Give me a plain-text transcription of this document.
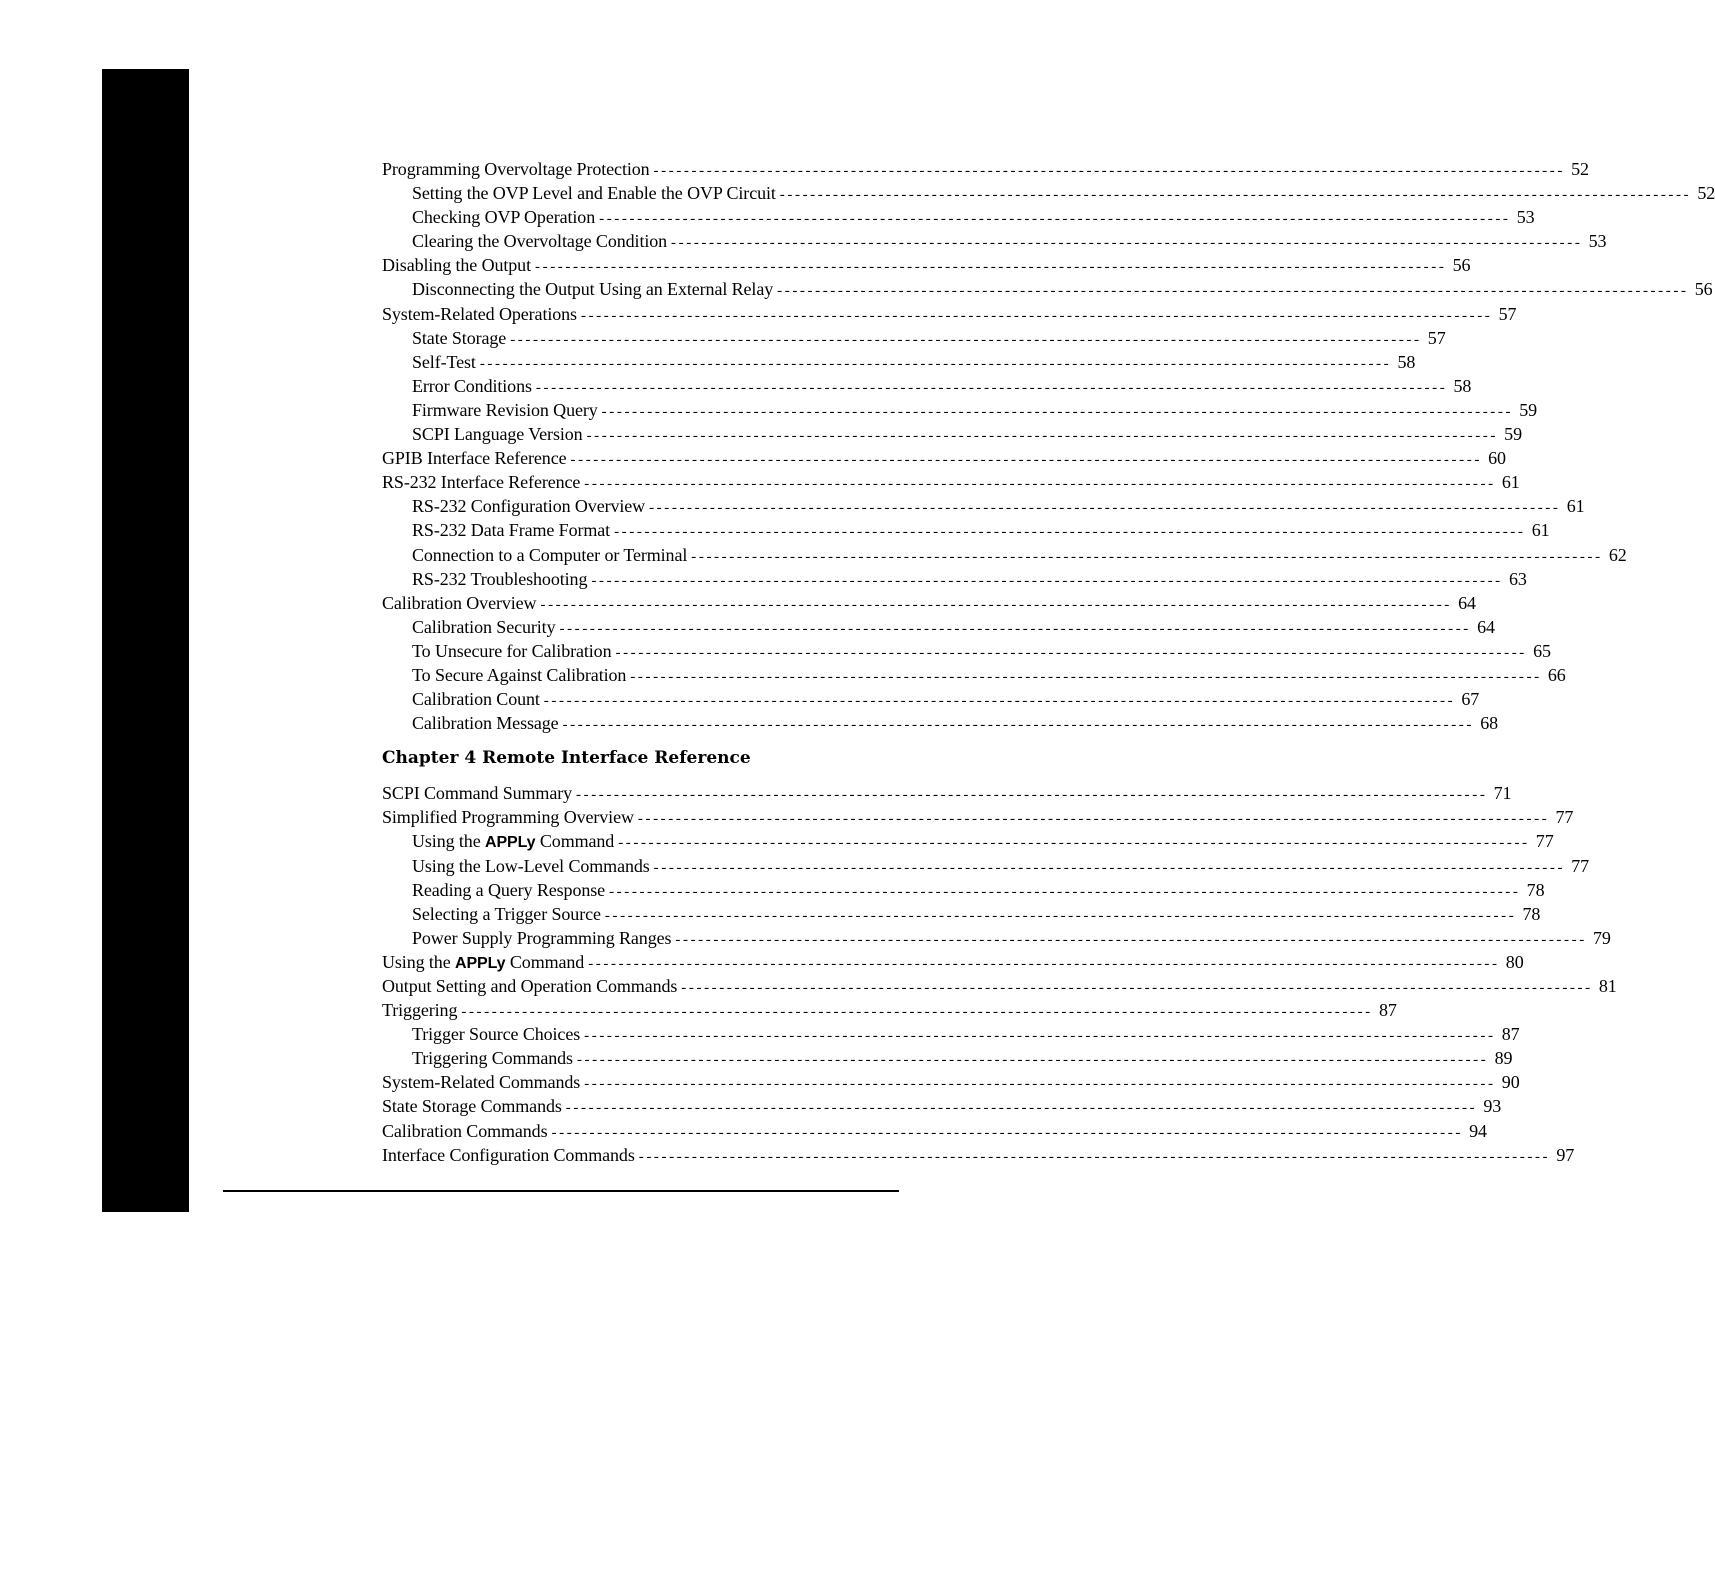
Programming Overvoltage Protection ------------------------------------------------------------------------------------------------------------------------ 52
Setting the OVP Level and Enable the OVP Circuit ------------------------------------------------------------------------------------------------------------------------ 52
Checking OVP Operation ------------------------------------------------------------------------------------------------------------------------ 53
Clearing the Overvoltage Condition ------------------------------------------------------------------------------------------------------------------------ 53
Disabling the Output ------------------------------------------------------------------------------------------------------------------------ 56
Disconnecting the Output Using an External Relay ------------------------------------------------------------------------------------------------------------------------ 56
System-Related Operations ------------------------------------------------------------------------------------------------------------------------ 57
State Storage ------------------------------------------------------------------------------------------------------------------------ 57
Self-Test ------------------------------------------------------------------------------------------------------------------------ 58
Error Conditions ------------------------------------------------------------------------------------------------------------------------ 58
Firmware Revision Query ------------------------------------------------------------------------------------------------------------------------ 59
SCPI Language Version ------------------------------------------------------------------------------------------------------------------------ 59
GPIB Interface Reference ------------------------------------------------------------------------------------------------------------------------ 60
RS-232 Interface Reference ------------------------------------------------------------------------------------------------------------------------ 61
RS-232 Configuration Overview ------------------------------------------------------------------------------------------------------------------------ 61
RS-232 Data Frame Format ------------------------------------------------------------------------------------------------------------------------ 61
Connection to a Computer or Terminal ------------------------------------------------------------------------------------------------------------------------ 62
RS-232 Troubleshooting ------------------------------------------------------------------------------------------------------------------------ 63
Calibration Overview ------------------------------------------------------------------------------------------------------------------------ 64
Calibration Security ------------------------------------------------------------------------------------------------------------------------ 64
To Unsecure for Calibration ------------------------------------------------------------------------------------------------------------------------ 65
To Secure Against Calibration ------------------------------------------------------------------------------------------------------------------------ 66
Calibration Count ------------------------------------------------------------------------------------------------------------------------ 67
Calibration Message ------------------------------------------------------------------------------------------------------------------------ 68
Chapter 4 Remote Interface Reference
SCPI Command Summary ------------------------------------------------------------------------------------------------------------------------ 71
Simplified Programming Overview ------------------------------------------------------------------------------------------------------------------------ 77
Using the APPLy Command ------------------------------------------------------------------------------------------------------------------------ 77
Using the Low-Level Commands ------------------------------------------------------------------------------------------------------------------------ 77
Reading a Query Response ------------------------------------------------------------------------------------------------------------------------ 78
Selecting a Trigger Source ------------------------------------------------------------------------------------------------------------------------ 78
Power Supply Programming Ranges ------------------------------------------------------------------------------------------------------------------------ 79
Using the APPLy Command ------------------------------------------------------------------------------------------------------------------------ 80
Output Setting and Operation Commands ------------------------------------------------------------------------------------------------------------------------ 81
Triggering ------------------------------------------------------------------------------------------------------------------------ 87
Trigger Source Choices ------------------------------------------------------------------------------------------------------------------------ 87
Triggering Commands ------------------------------------------------------------------------------------------------------------------------ 89
System-Related Commands ------------------------------------------------------------------------------------------------------------------------ 90
State Storage Commands ------------------------------------------------------------------------------------------------------------------------ 93
Calibration Commands ------------------------------------------------------------------------------------------------------------------------ 94
Interface Configuration Commands ------------------------------------------------------------------------------------------------------------------------ 97
